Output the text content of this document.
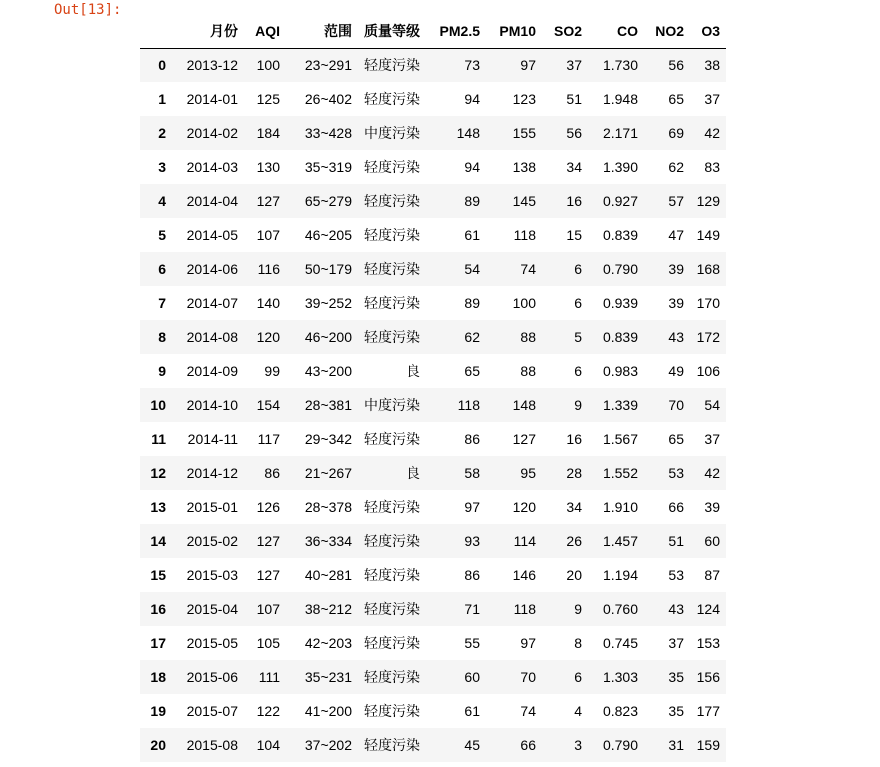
Out[13]:
	月份	AQI	范围	质量等级	PM2.5	PM10	SO2	CO	NO2	O3
0	2013-12	100	23~291	轻度污染	73	97	37	1.730	56	38
1	2014-01	125	26~402	轻度污染	94	123	51	1.948	65	37
2	2014-02	184	33~428	中度污染	148	155	56	2.171	69	42
3	2014-03	130	35~319	轻度污染	94	138	34	1.390	62	83
4	2014-04	127	65~279	轻度污染	89	145	16	0.927	57	129
5	2014-05	107	46~205	轻度污染	61	118	15	0.839	47	149
6	2014-06	116	50~179	轻度污染	54	74	6	0.790	39	168
7	2014-07	140	39~252	轻度污染	89	100	6	0.939	39	170
8	2014-08	120	46~200	轻度污染	62	88	5	0.839	43	172
9	2014-09	99	43~200	良	65	88	6	0.983	49	106
10	2014-10	154	28~381	中度污染	118	148	9	1.339	70	54
11	2014-11	117	29~342	轻度污染	86	127	16	1.567	65	37
12	2014-12	86	21~267	良	58	95	28	1.552	53	42
13	2015-01	126	28~378	轻度污染	97	120	34	1.910	66	39
14	2015-02	127	36~334	轻度污染	93	114	26	1.457	51	60
15	2015-03	127	40~281	轻度污染	86	146	20	1.194	53	87
16	2015-04	107	38~212	轻度污染	71	118	9	0.760	43	124
17	2015-05	105	42~203	轻度污染	55	97	8	0.745	37	153
18	2015-06	111	35~231	轻度污染	60	70	6	1.303	35	156
19	2015-07	122	41~200	轻度污染	61	74	4	0.823	35	177
20	2015-08	104	37~202	轻度污染	45	66	3	0.790	31	159
